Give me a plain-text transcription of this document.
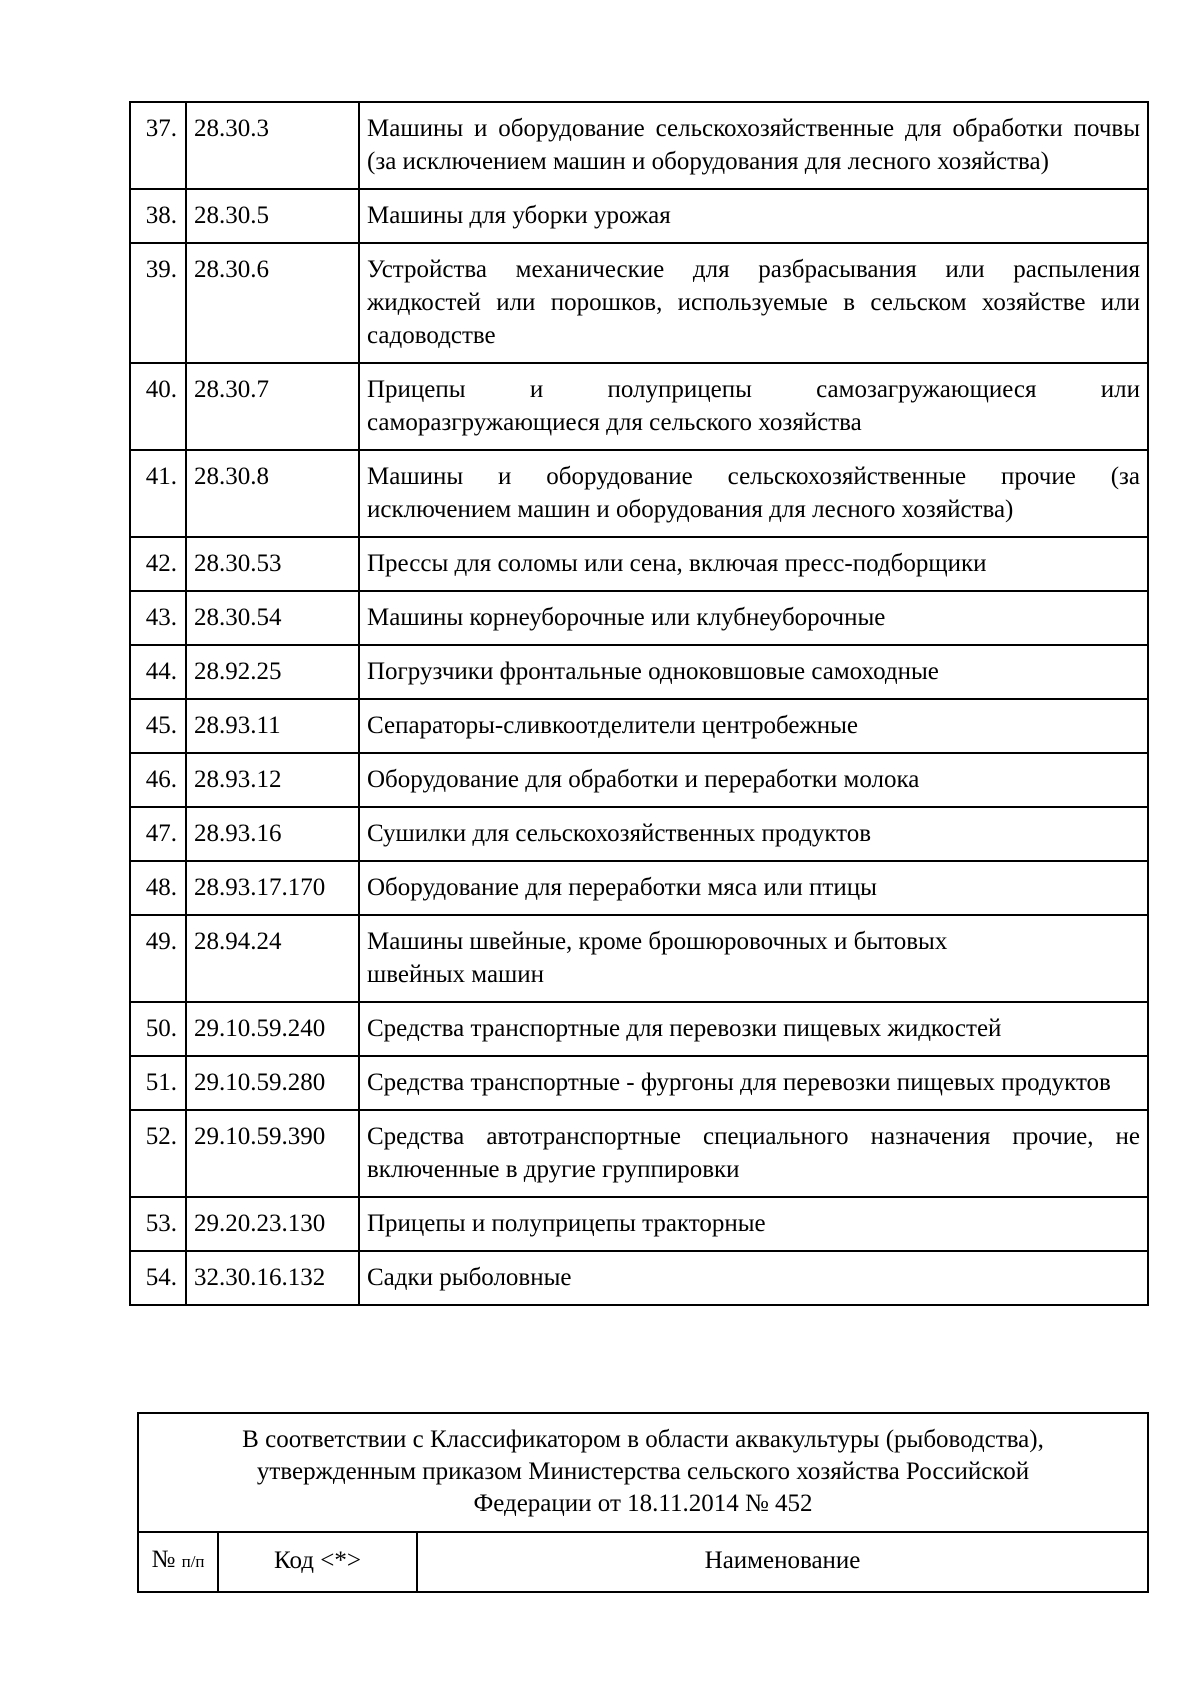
37.	28.30.3	Машины и оборудование сельскохозяйственные для обработки почвы (за исключением машин и оборудования для лесного хозяйства)
38.	28.30.5	Машины для уборки урожая
39.	28.30.6	Устройства механические для разбрасывания или распыления жидкостей или порошков, используемые в сельском хозяйстве или садоводстве
40.	28.30.7	Прицепы и полуприцепы самозагружающиеся или саморазгружающиеся для сельского хозяйства
41.	28.30.8	Машины и оборудование сельскохозяйственные прочие (за исключением машин и оборудования для лесного хозяйства)
42.	28.30.53	Прессы для соломы или сена, включая пресс-подборщики
43.	28.30.54	Машины корнеуборочные или клубнеуборочные
44.	28.92.25	Погрузчики фронтальные одноковшовые самоходные
45.	28.93.11	Сепараторы-сливкоотделители центробежные
46.	28.93.12	Оборудование для обработки и переработки молока
47.	28.93.16	Сушилки для сельскохозяйственных продуктов
48.	28.93.17.170	Оборудование для переработки мяса или птицы
49.	28.94.24	Машины швейные, кроме брошюровочных и бытовых
швейных машин
50.	29.10.59.240	Средства транспортные для перевозки пищевых жидкостей
51.	29.10.59.280	Средства транспортные - фургоны для перевозки пищевых продуктов
52.	29.10.59.390	Средства автотранспортные специального назначения прочие, не включенные в другие группировки
53.	29.20.23.130	Прицепы и полуприцепы тракторные
54.	32.30.16.132	Садки рыболовные
В соответствии с Классификатором в области аквакультуры (рыбоводства),
утвержденным приказом Министерства сельского хозяйства Российской
Федерации от 18.11.2014 № 452

№ п/п	Код <*>	Наименование
